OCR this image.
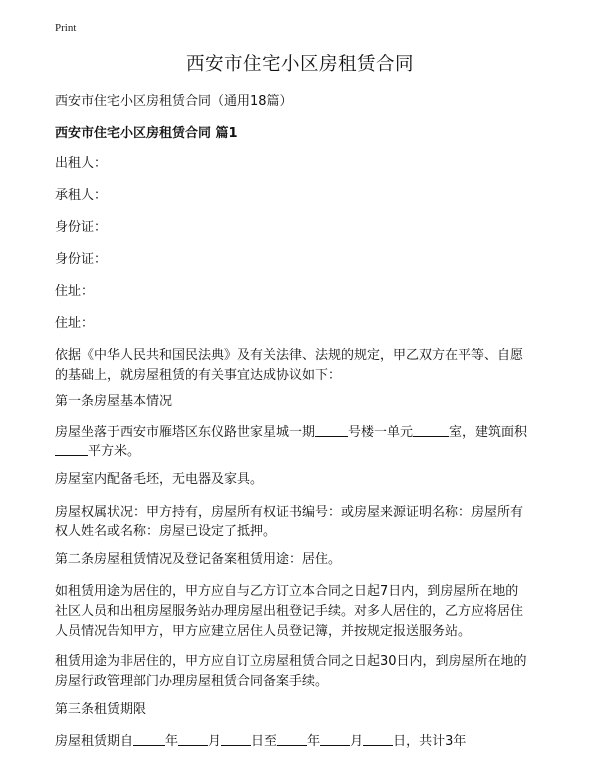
Print
西安市住宅小区房租赁合同
西安市住宅小区房租赁合同（通用18篇）
西安市住宅小区房租赁合同 篇1
出租人：
承租人：
身份证：
身份证：
住址：
住址：
依据《中华人民共和国民法典》及有关法律、法规的规定，甲乙双方在平等、自愿
的基础上，就房屋租赁的有关事宜达成协议如下：
第一条房屋基本情况
房屋坐落于西安市雁塔区东仪路世家星城一期	号楼一单元	室，建筑面积
平方米。
房屋室内配备毛坯，无电器及家具。
房屋权属状况：甲方持有，房屋所有权证书编号：或房屋来源证明名称：房屋所有
权人姓名或名称：房屋已设定了抵押。
第二条房屋租赁情况及登记备案租赁用途：居住。
如租赁用途为居住的，甲方应自与乙方订立本合同之日起7日内，到房屋所在地的
社区人员和出租房屋服务站办理房屋出租登记手续。对多人居住的，乙方应将居住
人员情况告知甲方，甲方应建立居住人员登记簿，并按规定报送服务站。
租赁用途为非居住的，甲方应自订立房屋租赁合同之日起30日内，到房屋所在地的
房屋行政管理部门办理房屋租赁合同备案手续。
第三条租赁期限
房屋租赁期自 年 月 日至 年 月 日，共计3年
